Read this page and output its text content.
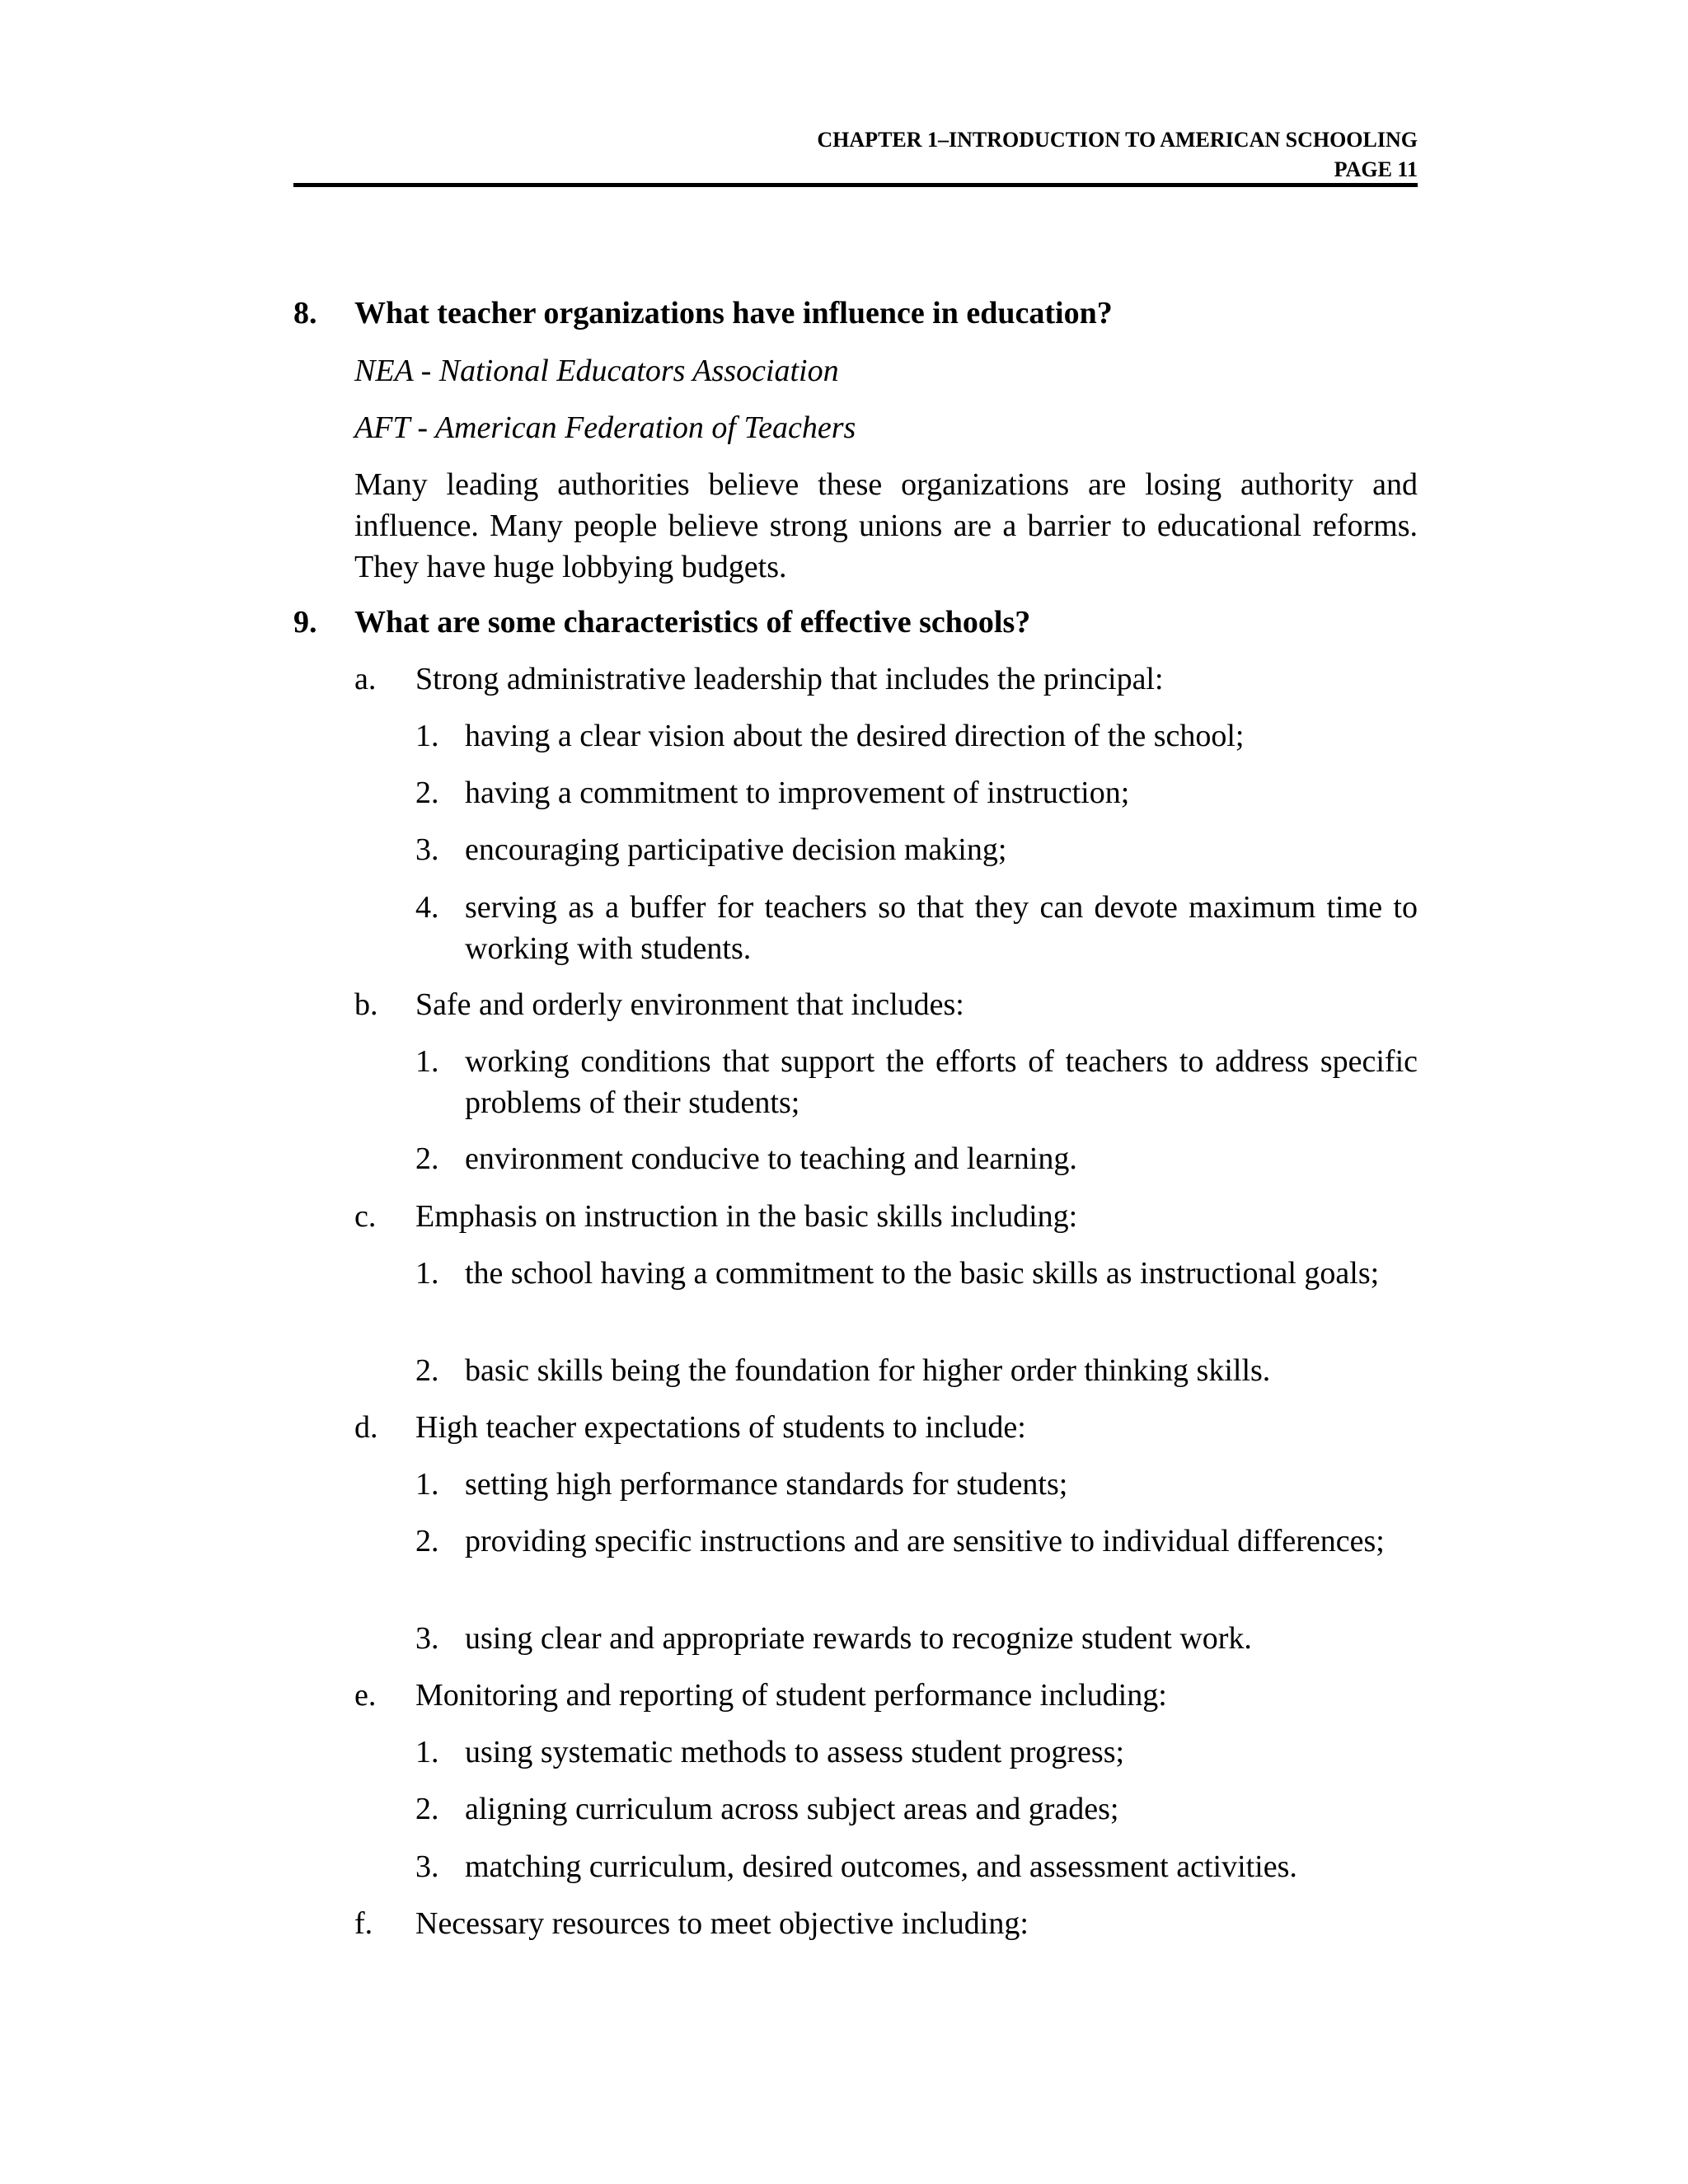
CHAPTER 1–INTRODUCTION TO AMERICAN SCHOOLING
PAGE 11
8. What teacher organizations have influence in education?
NEA - National Educators Association
AFT - American Federation of Teachers
Many leading authorities believe these organizations are losing authority and influence. Many people believe strong unions are a barrier to educational reforms. They have huge lobbying budgets.
9. What are some characteristics of effective schools?
a. Strong administrative leadership that includes the principal:
1. having a clear vision about the desired direction of the school;
2. having a commitment to improvement of instruction;
3. encouraging participative decision making;
4. serving as a buffer for teachers so that they can devote maximum time to working with students.
b. Safe and orderly environment that includes:
1. working conditions that support the efforts of teachers to address specific problems of their students;
2. environment conducive to teaching and learning.
c. Emphasis on instruction in the basic skills including:
1. the school having a commitment to the basic skills as instructional goals;
2. basic skills being the foundation for higher order thinking skills.
d. High teacher expectations of students to include:
1. setting high performance standards for students;
2. providing specific instructions and are sensitive to individual differences;
3. using clear and appropriate rewards to recognize student work.
e. Monitoring and reporting of student performance including:
1. using systematic methods to assess student progress;
2. aligning curriculum across subject areas and grades;
3. matching curriculum, desired outcomes, and assessment activities.
f. Necessary resources to meet objective including:
